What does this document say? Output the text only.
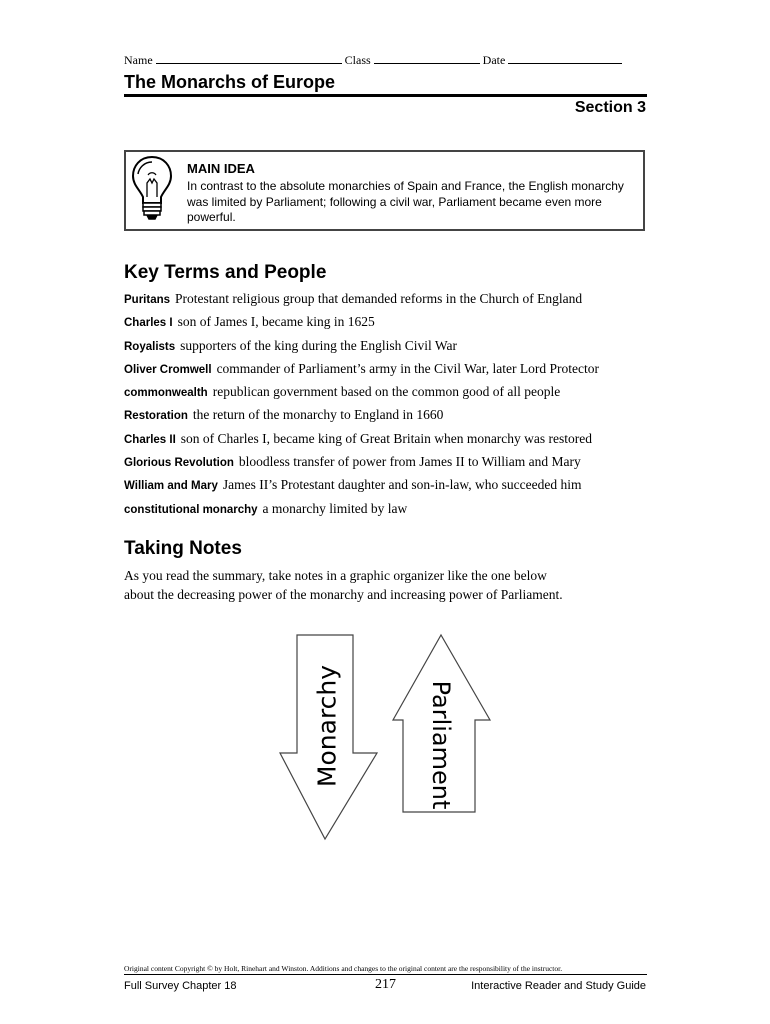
Name	Class	Date
The Monarchs of Europe
Section 3
MAIN IDEA
In contrast to the absolute monarchies of Spain and France, the English monarchy was limited by Parliament; following a civil war, Parliament became even more powerful.
Key Terms and People
Puritans Protestant religious group that demanded reforms in the Church of England
Charles I son of James I, became king in 1625
Royalists supporters of the king during the English Civil War
Oliver Cromwell commander of Parliament’s army in the Civil War, later Lord Protector
commonwealth republican government based on the common good of all people
Restoration the return of the monarchy to England in 1660
Charles II son of Charles I, became king of Great Britain when monarchy was restored
Glorious Revolution bloodless transfer of power from James II to William and Mary
William and Mary James II’s Protestant daughter and son-in-law, who succeeded him
constitutional monarchy a monarchy limited by law
Taking Notes
As you read the summary, take notes in a graphic organizer like the one below about the decreasing power of the monarchy and increasing power of Parliament.
Monarchy	Parliament
Original content Copyright © by Holt, Rinehart and Winston. Additions and changes to the original content are the responsibility of the instructor.
Full Survey Chapter 18	217	Interactive Reader and Study Guide
